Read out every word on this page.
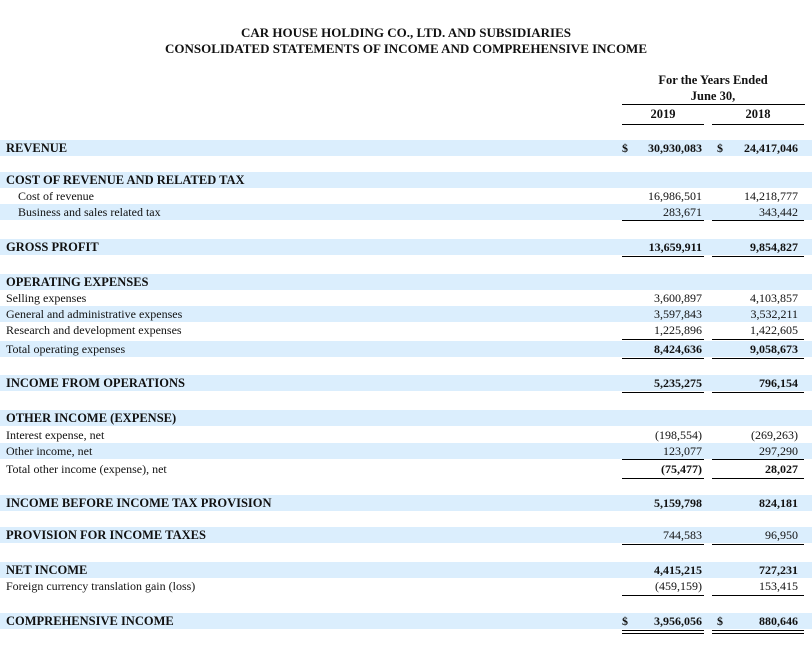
CAR HOUSE HOLDING CO., LTD. AND SUBSIDIARIES
CONSOLIDATED STATEMENTS OF INCOME AND COMPREHENSIVE INCOME
For the Years Ended
June 30,
2019	2018
REVENUE	$	30,930,083 $	24,417,046
COST OF REVENUE AND RELATED TAX
Cost of revenue	16,986,501	14,218,777
Business and sales related tax	283,671	343,442
GROSS PROFIT	13,659,911	9,854,827
OPERATING EXPENSES
Selling expenses	3,600,897	4,103,857
General and administrative expenses	3,597,843	3,532,211
Research and development expenses	1,225,896	1,422,605
Total operating expenses	8,424,636	9,058,673
INCOME FROM OPERATIONS	5,235,275	796,154
OTHER INCOME (EXPENSE)
Interest expense, net	(198,554)	(269,263)
Other income, net	123,077	297,290
Total other income (expense), net	(75,477)	28,027
INCOME BEFORE INCOME TAX PROVISION	5,159,798	824,181
PROVISION FOR INCOME TAXES	744,583	96,950
NET INCOME	4,415,215	727,231
Foreign currency translation gain (loss)	(459,159)	153,415
COMPREHENSIVE INCOME	$	3,956,056 $	880,646
